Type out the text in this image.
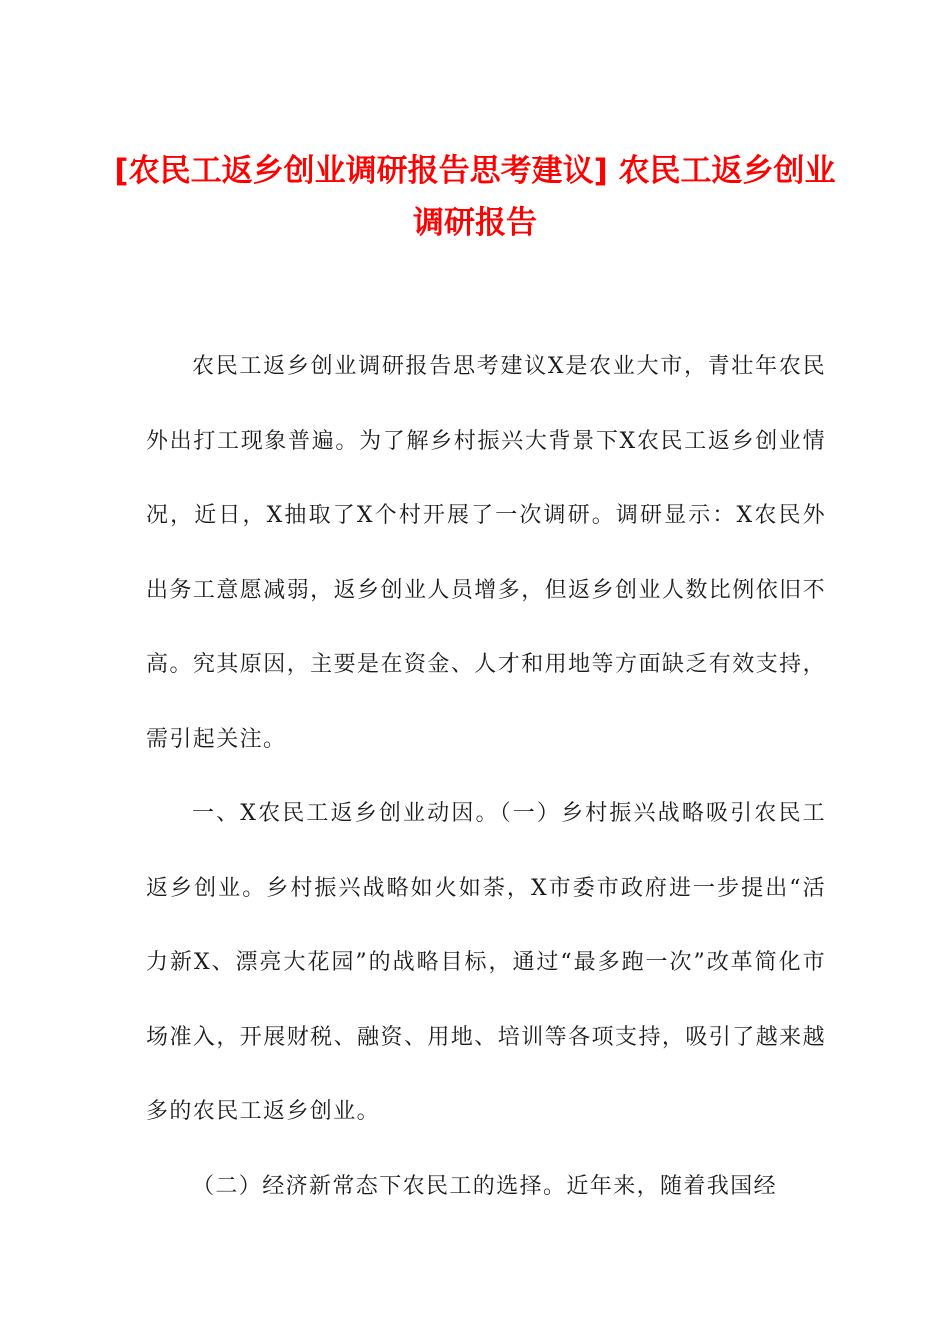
[农民工返乡创业调研报告思考建议] 农民工返乡创业调研报告

农民工返乡创业调研报告思考建议X是农业大市，青壮年农民外出打工现象普遍。为了解乡村振兴大背景下X农民工返乡创业情况，近日，X抽取了X个村开展了一次调研。调研显示：X农民外出务工意愿减弱，返乡创业人员增多，但返乡创业人数比例依旧不高。究其原因，主要是在资金、人才和用地等方面缺乏有效支持，需引起关注。

一、X农民工返乡创业动因。（一）乡村振兴战略吸引农民工返乡创业。乡村振兴战略如火如荼，X市委市政府进一步提出“活力新X、漂亮大花园”的战略目标，通过“最多跑一次”改革简化市场准入，开展财税、融资、用地、培训等各项支持，吸引了越来越多的农民工返乡创业。

（二）经济新常态下农民工的选择。近年来，随着我国经
